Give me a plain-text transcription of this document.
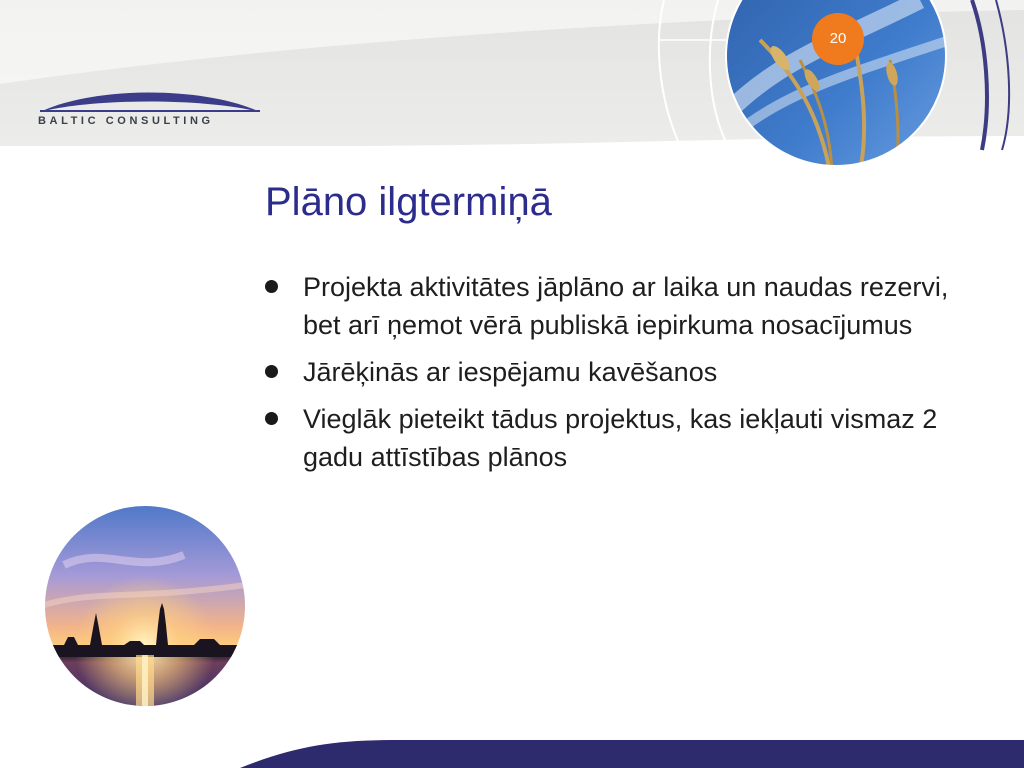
20
BALTIC CONSULTING
Plāno ilgtermiņā
Projekta aktivitātes jāplāno ar laika un naudas rezervi, bet arī ņemot vērā publiskā iepirkuma nosacījumus
Jārēķinās ar iespējamu kavēšanos
Vieglāk pieteikt tādus projektus, kas iekļauti vismaz 2 gadu attīstības plānos
